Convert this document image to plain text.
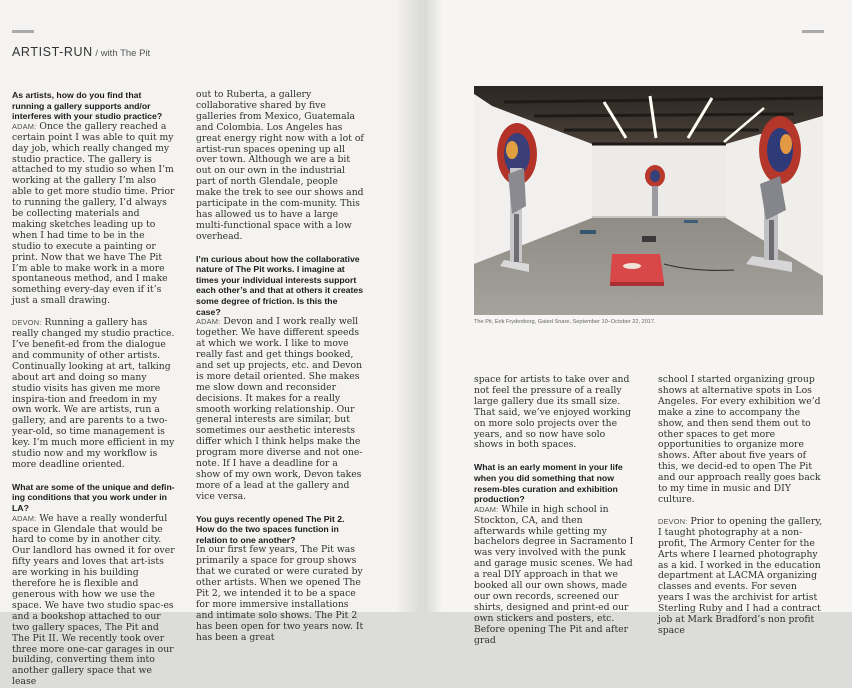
ARTIST-RUN / with The Pit

As artists, how do you find that running a gallery supports and/or interferes with your studio practice?

ADAM: Once the gallery reached a certain point I was able to quit my day job, which really changed my studio practice. The gallery is attached to my studio so when I’m working at the gallery I’m also able to get more studio time. Prior to running the gallery, I’d always be collecting materials and making sketches leading up to when I had time to be in the studio to execute a painting or print. Now that we have The Pit I’m able to make work in a more spontaneous method, and I make something every-day even if it’s just a small drawing.

DEVON: Running a gallery has really changed my studio practice. I’ve benefit-ed from the dialogue and community of other artists. Continually looking at art, talking about art and doing so many studio visits has given me more inspira-tion and freedom in my own work. We are artists, run a gallery, and are parents to a two-year-old, so time management is key. I’m much more efficient in my studio now and my workflow is more deadline oriented.

What are some of the unique and defin-ing conditions that you work under in LA?

ADAM: We have a really wonderful space in Glendale that would be hard to come by in another city. Our landlord has owned it for over fifty years and loves that art-ists are working in his building therefore he is flexible and generous with how we use the space. We have two studio spac-es and a bookshop attached to our two gallery spaces, The Pit and The Pit II. We recently took over three more one-car garages in our building, converting them into another gallery space that we lease

out to Ruberta, a gallery collaborative shared by five galleries from Mexico, Guatemala and Colombia. Los Angeles has great energy right now with a lot of artist-run spaces opening up all over town. Although we are a bit out on our own in the industrial part of north Glendale, people make the trek to see our shows and participate in the com-munity. This has allowed us to have a large multi-functional space with a low overhead.

I’m curious about how the collaborative nature of The Pit works. I imagine at times your individual interests support each other’s and that at others it creates some degree of friction. Is this the case?

ADAM: Devon and I work really well together. We have different speeds at which we work. I like to move really fast and get things booked, and set up projects, etc. and Devon is more detail oriented. She makes me slow down and reconsider decisions. It makes for a really smooth working relationship. Our general interests are similar, but sometimes our aesthetic interests differ which I think helps make the program more diverse and not one-note. If I have a deadline for a show of my own work, Devon takes more of a lead at the gallery and vice versa.

You guys recently opened The Pit 2. How do the two spaces function in relation to one another?

In our first few years, The Pit was primarily a space for group shows that we curated or were curated by other artists. When we opened The Pit 2, we intended it to be a space for more immersive installations and intimate solo shows. The Pit 2 has been open for two years now. It has been a great

The Pit, Erik Frydenborg, Gated Snare, September 10–October 22, 2017.

space for artists to take over and not feel the pressure of a really large gallery due its small size. That said, we’ve enjoyed working on more solo projects over the years, and so now have solo shows in both spaces.

What is an early moment in your life when you did something that now resem-bles curation and exhibition production?

ADAM: While in high school in Stockton, CA, and then afterwards while getting my bachelors degree in Sacramento I was very involved with the punk and garage music scenes. We had a real DIY approach in that we booked all our own shows, made our own records, screened our shirts, designed and print-ed our own stickers and posters, etc. Before opening The Pit and after grad

school I started organizing group shows at alternative spots in Los Angeles. For every exhibition we’d make a zine to accompany the show, and then send them out to other spaces to get more opportunities to organize more shows. After about five years of this, we decid-ed to open The Pit and our approach really goes back to my time in music and DIY culture.

DEVON: Prior to opening the gallery, I taught photography at a non-profit, The Armory Center for the Arts where I learned photography as a kid. I worked in the education department at LACMA organizing classes and events. For seven years I was the archivist for artist Sterling Ruby and I had a contract job at Mark Bradford’s non profit space
